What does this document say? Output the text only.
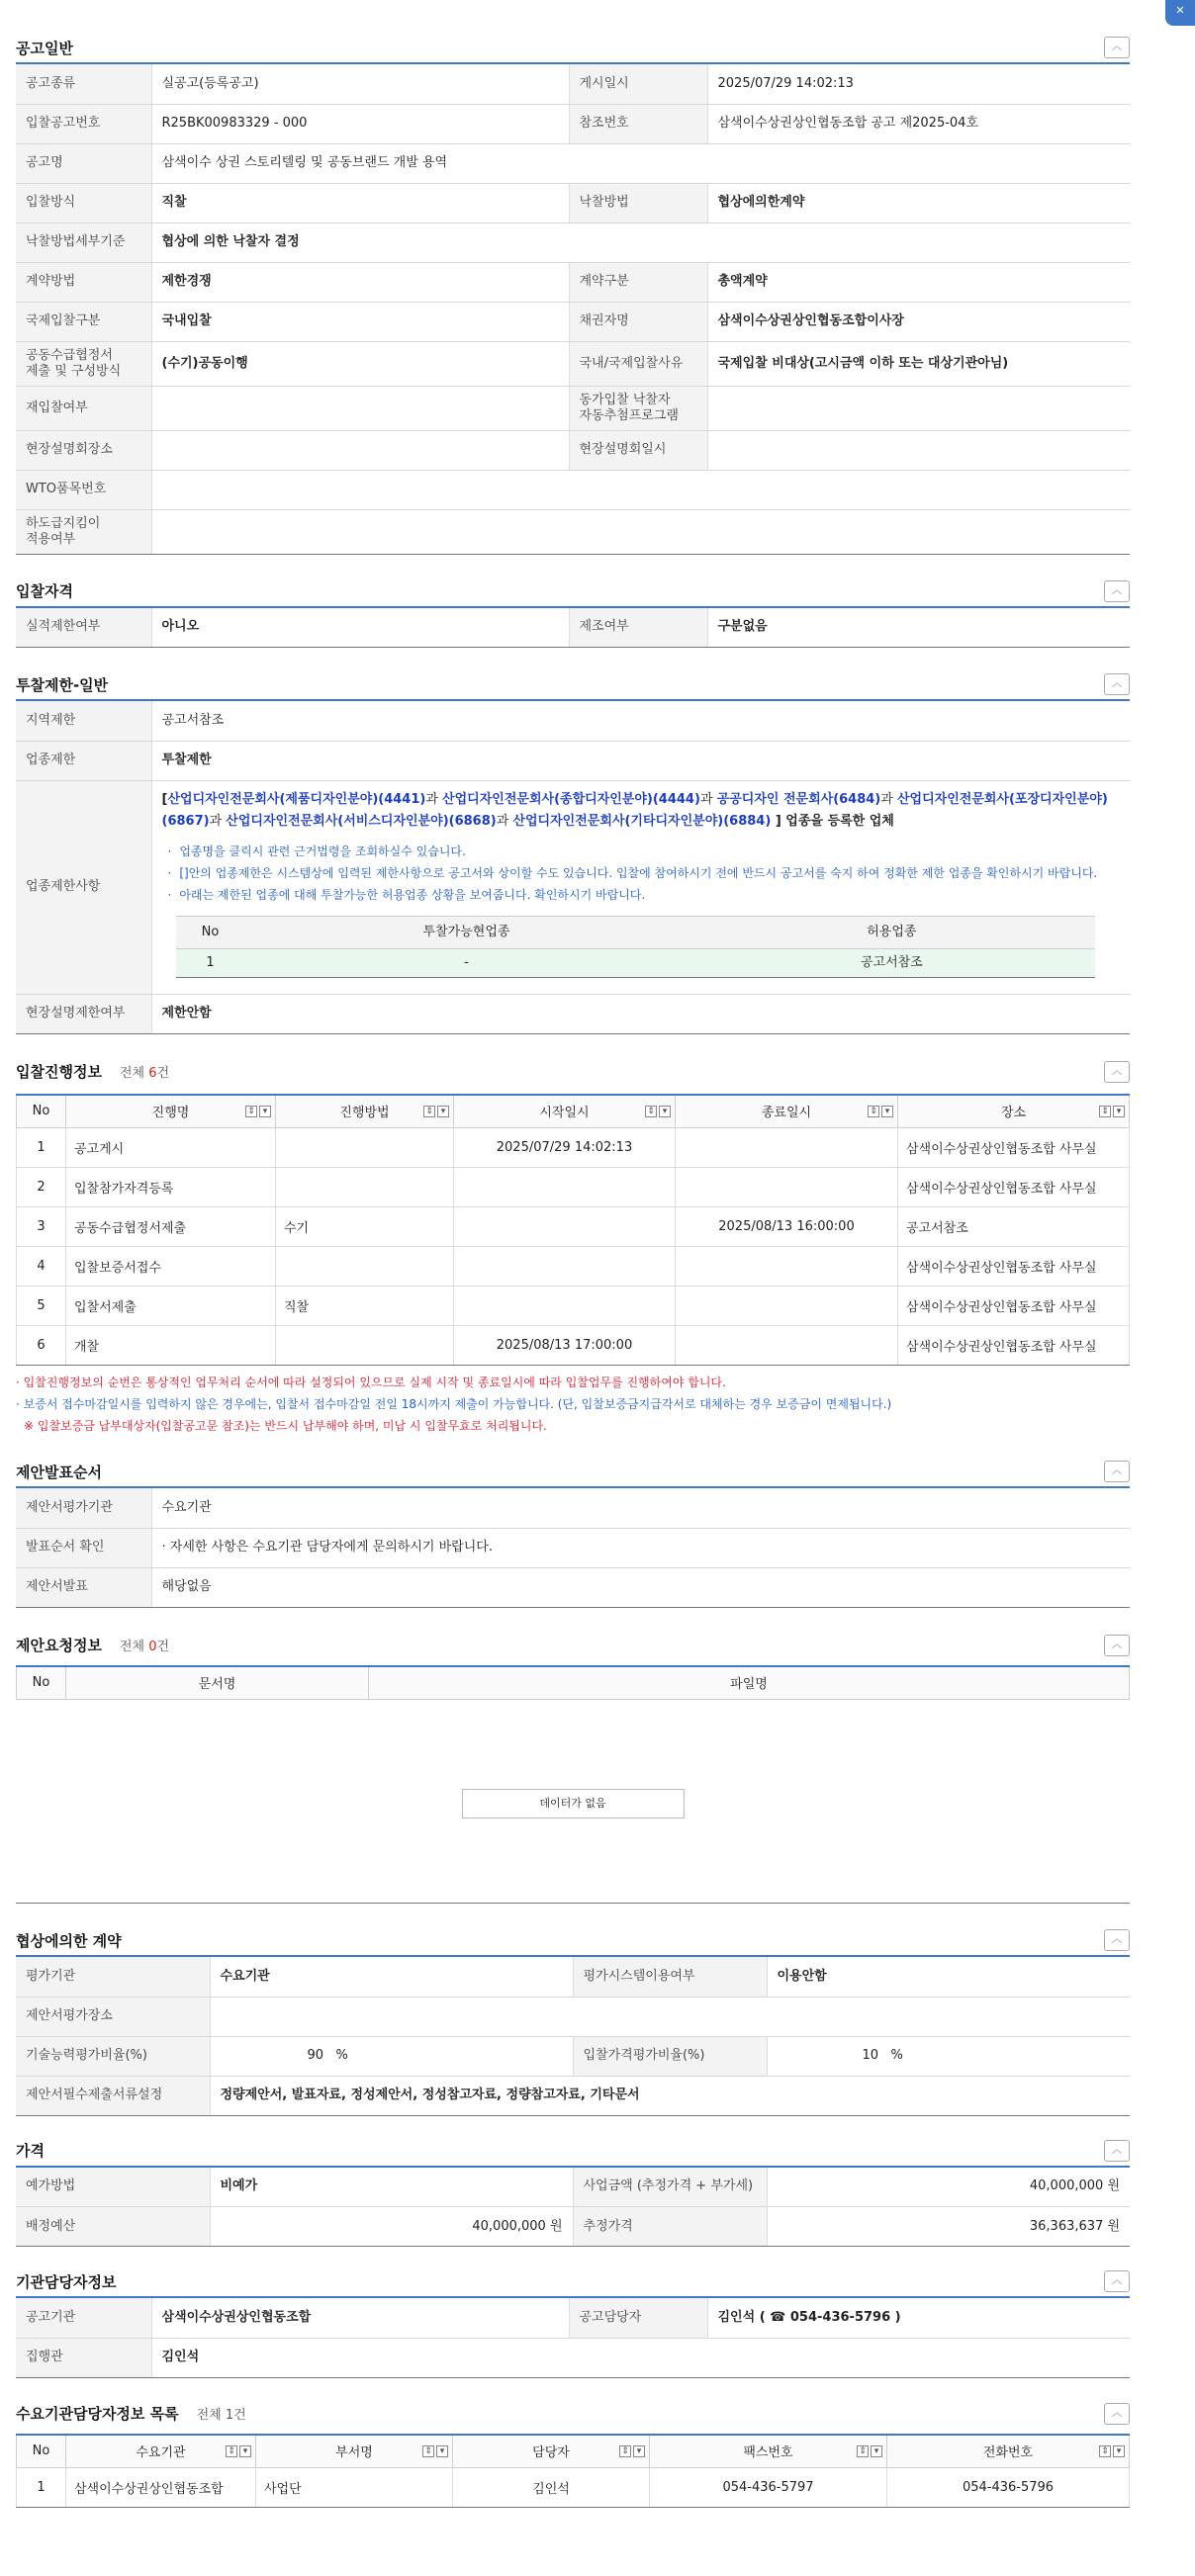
✕
공고일반	︿
공고종류	실공고(등록공고)	게시일시	2025/07/29 14:02:13
입찰공고번호	R25BK00983329 - 000	참조번호	삼색이수상권상인협동조합 공고 제2025-04호
공고명	삼색이수 상권 스토리텔링 및 공동브랜드 개발 용역		
입찰방식	직찰	낙찰방법	협상에의한계약
낙찰방법세부기준	협상에 의한 낙찰자 결정		
계약방법	제한경쟁	계약구분	총액계약
국제입찰구분	국내입찰	채권자명	삼색이수상권상인협동조합이사장
공동수급협정서
제출 및 구성방식	(수기)공동이행	국내/국제입찰사유	국제입찰 비대상(고시금액 이하 또는 대상기관아님)
재입찰여부		동가입찰 낙찰자
자동추첨프로그램	
현장설명회장소		현장설명회일시	
WTO품목번호			
하도급지킴이
적용여부			
입찰자격	︿
실적제한여부	아니오	제조여부	구분없음
투찰제한-일반	︿
지역제한	공고서참조
업종제한	투찰제한
업종제한사항	
[산업디자인전문회사(제품디자인분야)(4441)과 산업디자인전문회사(종합디자인분야)(4444)과 공공디자인 전문회사(6484)과 산업디자인전문회사(포장디자인분야)(6867)과 산업디자인전문회사(서비스디자인분야)(6868)과 산업디자인전문회사(기타디자인분야)(6884) ] 업종을 등록한 업체
· 업종명을 클릭시 관련 근거법령을 조회하실수 있습니다.
· []안의 업종제한은 시스템상에 입력된 제한사항으로 공고서와 상이할 수도 있습니다. 입찰에 참여하시기 전에 반드시 공고서를 숙지 하여 정확한 제한 업종을 확인하시기 바랍니다.
· 아래는 제한된 업종에 대해 투찰가능한 허용업종 상황을 보여줍니다. 확인하시기 바랍니다.
No	투찰가능현업종	허용업종
1	-	공고서참조

현장설명제한여부	제한안함
입찰진행정보 전체 6건	︿
No	진행명 ⇕ ▾	진행방법 ⇕ ▾	시작일시 ⇕ ▾	종료일시 ⇕ ▾	장소 ⇕ ▾

1	공고게시		2025/07/29 14:02:13		삼색이수상권상인협동조합 사무실
2	입찰참가자격등록				삼색이수상권상인협동조합 사무실
3	공동수급협정서제출	수기		2025/08/13 16:00:00	공고서참조
4	입찰보증서접수				삼색이수상권상인협동조합 사무실
5	입찰서제출	직찰			삼색이수상권상인협동조합 사무실
6	개찰		2025/08/13 17:00:00		삼색이수상권상인협동조합 사무실
· 입찰진행정보의 순번은 통상적인 업무처리 순서에 따라 설정되어 있으므로 실제 시작 및 종료일시에 따라 입찰업무를 진행하여야 합니다.
· 보증서 접수마감일시를 입력하지 않은 경우에는, 입찰서 접수마감일 전일 18시까지 제출이 가능합니다. (단, 입찰보증금지급각서로 대체하는 경우 보증금이 면제됩니다.)
※ 입찰보증금 납부대상자(입찰공고문 참조)는 반드시 납부해야 하며, 미납 시 입찰무효로 처리됩니다.
제안발표순서	︿
제안서평가기관	수요기관
발표순서 확인	· 자세한 사항은 수요기관 담당자에게 문의하시기 바랍니다.
제안서발표	해당없음
제안요청정보 전체 0건	︿
No	문서명	파일명
데이터가 없음
협상에의한 계약	︿
평가기관	수요기관	평가시스템이용여부	이용안함
제안서평가장소			
기술능력평가비율(%)	90 %	입찰가격평가비율(%)	10 %
제안서필수제출서류설정	정량제안서, 발표자료, 정성제안서, 정성참고자료, 정량참고자료, 기타문서		
가격	︿
예가방법	비예가	사업금액 (추정가격 + 부가세)	40,000,000 원
배정예산	40,000,000 원	추정가격	36,363,637 원
기관담당자정보	︿
공고기관	삼색이수상권상인협동조합	공고담당자	김인석 ( ☎ 054-436-5796 )
집행관	김인석		
수요기관담당자정보 목록 전체 1건	︿
No	수요기관 ⇕ ▾	부서명 ⇕ ▾	담당자 ⇕ ▾	팩스번호 ⇕ ▾	전화번호 ⇕ ▾

1	삼색이수상권상인협동조합	사업단	김인석	054-436-5797	054-436-5796
